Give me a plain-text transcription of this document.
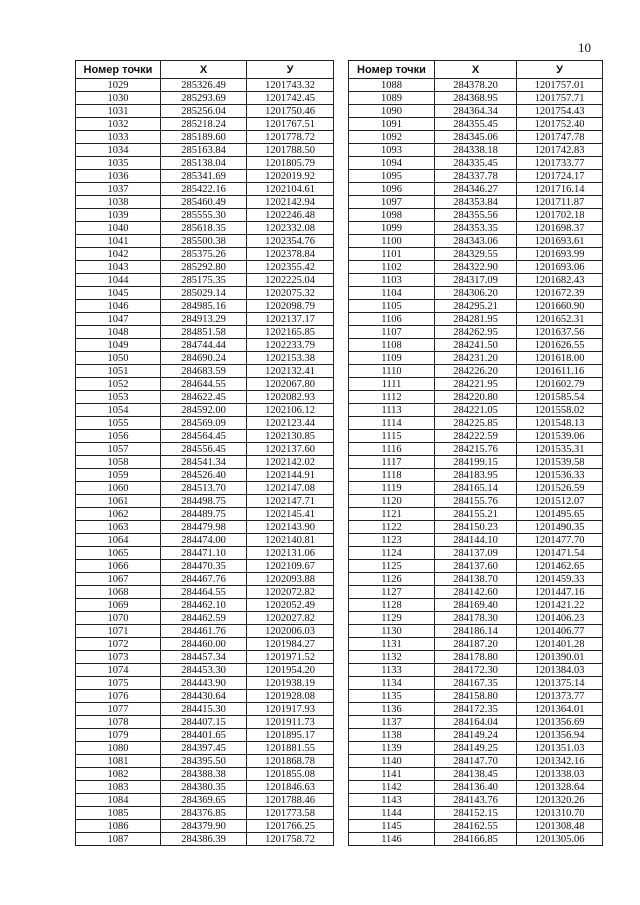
10
Номер точки	X	У
1029	285326.49	1201743.32
1030	285293.69	1201742.45
1031	285256.04	1201750.46
1032	285218.24	1201767.51
1033	285189.60	1201778.72
1034	285163.84	1201788.50
1035	285138.04	1201805.79
1036	285341.69	1202019.92
1037	285422.16	1202104.61
1038	285460.49	1202142.94
1039	285555.30	1202246.48
1040	285618.35	1202332.08
1041	285500.38	1202354.76
1042	285375.26	1202378.84
1043	285292.80	1202355.42
1044	285175.35	1202225.04
1045	285029.14	1202075.32
1046	284985.16	1202098.79
1047	284913.29	1202137.17
1048	284851.58	1202165.85
1049	284744.44	1202233.79
1050	284690.24	1202153.38
1051	284683.59	1202132.41
1052	284644.55	1202067.80
1053	284622.45	1202082.93
1054	284592.00	1202106.12
1055	284569.09	1202123.44
1056	284564.45	1202130.85
1057	284556.45	1202137.60
1058	284541.34	1202142.02
1059	284526.40	1202144.91
1060	284513.70	1202147.08
1061	284498.75	1202147.71
1062	284489.75	1202145.41
1063	284479.98	1202143.90
1064	284474.00	1202140.81
1065	284471.10	1202131.06
1066	284470.35	1202109.67
1067	284467.76	1202093.88
1068	284464.55	1202072.82
1069	284462.10	1202052.49
1070	284462.59	1202027.82
1071	284461.76	1202006.03
1072	284460.00	1201984.27
1073	284457.34	1201971.52
1074	284453.30	1201954.20
1075	284443.90	1201938.19
1076	284430.64	1201928.08
1077	284415.30	1201917.93
1078	284407.15	1201911.73
1079	284401.65	1201895.17
1080	284397.45	1201881.55
1081	284395.50	1201868.78
1082	284388.38	1201855.08
1083	284380.35	1201846.63
1084	284369.65	1201788.46
1085	284376.85	1201773.58
1086	284379.90	1201766.25
1087	284386.39	1201758.72
Номер точки	X	У
1088	284378.20	1201757.01
1089	284368.95	1201757.71
1090	284364.34	1201754.43
1091	284355.45	1201752.40
1092	284345.06	1201747.78
1093	284338.18	1201742.83
1094	284335.45	1201733.77
1095	284337.78	1201724.17
1096	284346.27	1201716.14
1097	284353.84	1201711.87
1098	284355.56	1201702.18
1099	284353.35	1201698.37
1100	284343.06	1201693.61
1101	284329.55	1201693.99
1102	284322.90	1201693.06
1103	284317.09	1201682.43
1104	284306.20	1201672.39
1105	284295.21	1201660.90
1106	284281.95	1201652.31
1107	284262.95	1201637.56
1108	284241.50	1201626.55
1109	284231.20	1201618.00
1110	284226.20	1201611.16
1111	284221.95	1201602.79
1112	284220.80	1201585.54
1113	284221.05	1201558.02
1114	284225.85	1201548.13
1115	284222.59	1201539.06
1116	284215.76	1201535.31
1117	284199.15	1201539.58
1118	284183.95	1201536.33
1119	284165.14	1201526.59
1120	284155.76	1201512.07
1121	284155.21	1201495.65
1122	284150.23	1201490.35
1123	284144.10	1201477.70
1124	284137.09	1201471.54
1125	284137.60	1201462.65
1126	284138.70	1201459.33
1127	284142.60	1201447.16
1128	284169.40	1201421.22
1129	284178.30	1201406.23
1130	284186.14	1201406.77
1131	284187.20	1201401.28
1132	284178.80	1201390.01
1133	284172.30	1201384.03
1134	284167.35	1201375.14
1135	284158.80	1201373.77
1136	284172.35	1201364.01
1137	284164.04	1201356.69
1138	284149.24	1201356.94
1139	284149.25	1201351.03
1140	284147.70	1201342.16
1141	284138.45	1201338.03
1142	284136.40	1201328.64
1143	284143.76	1201320.26
1144	284152.15	1201310.70
1145	284162.55	1201308.48
1146	284166.85	1201305.06
